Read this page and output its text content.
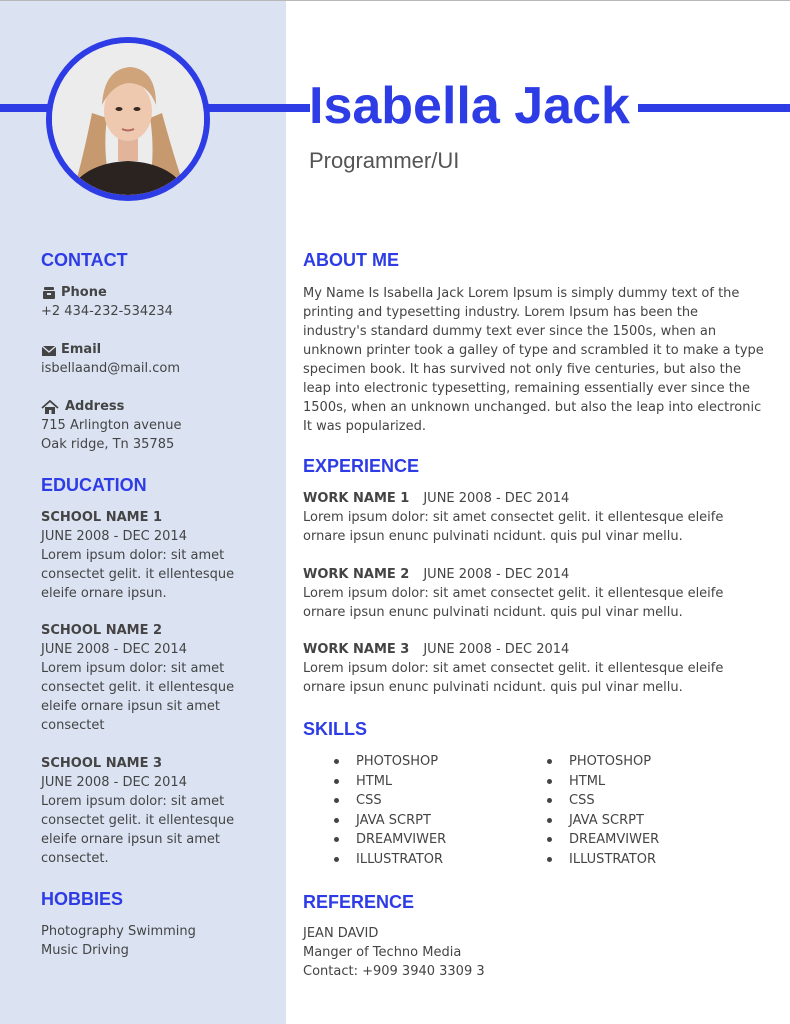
Isabella Jack
Programmer/UI
CONTACT
Phone
+2 434-232-534234
Email
isbellaand@mail.com
Address
715 Arlington avenue
Oak ridge, Tn 35785
EDUCATION
SCHOOL NAME 1
JUNE 2008 - DEC 2014
Lorem ipsum dolor: sit amet
consectet gelit. it ellentesque
eleife ornare ipsun.
SCHOOL NAME 2
JUNE 2008 - DEC 2014
Lorem ipsum dolor: sit amet
consectet gelit. it ellentesque
eleife ornare ipsun sit amet
consectet
SCHOOL NAME 3
JUNE 2008 - DEC 2014
Lorem ipsum dolor: sit amet
consectet gelit. it ellentesque
eleife ornare ipsun sit amet
consectet.
HOBBIES
Photography Swimming
Music Driving
ABOUT ME
My Name Is Isabella Jack Lorem Ipsum is simply dummy text of the
printing and typesetting industry. Lorem Ipsum has been the
industry's standard dummy text ever since the 1500s, when an
unknown printer took a galley of type and scrambled it to make a type
specimen book. It has survived not only five centuries, but also the
leap into electronic typesetting, remaining essentially ever since the
1500s, when an unknown unchanged. but also the leap into electronic
It was popularized.
EXPERIENCE
WORK NAME 1 JUNE 2008 - DEC 2014
Lorem ipsum dolor: sit amet consectet gelit. it ellentesque eleife
ornare ipsun enunc pulvinati ncidunt. quis pul vinar mellu.
WORK NAME 2 JUNE 2008 - DEC 2014
Lorem ipsum dolor: sit amet consectet gelit. it ellentesque eleife
ornare ipsun enunc pulvinati ncidunt. quis pul vinar mellu.
WORK NAME 3 JUNE 2008 - DEC 2014
Lorem ipsum dolor: sit amet consectet gelit. it ellentesque eleife
ornare ipsun enunc pulvinati ncidunt. quis pul vinar mellu.
SKILLS
PHOTOSHOP
HTML
CSS
JAVA SCRPT
DREAMVIWER
ILLUSTRATOR
PHOTOSHOP
HTML
CSS
JAVA SCRPT
DREAMVIWER
ILLUSTRATOR
REFERENCE
JEAN DAVID
Manger of Techno Media
Contact: +909 3940 3309 3
